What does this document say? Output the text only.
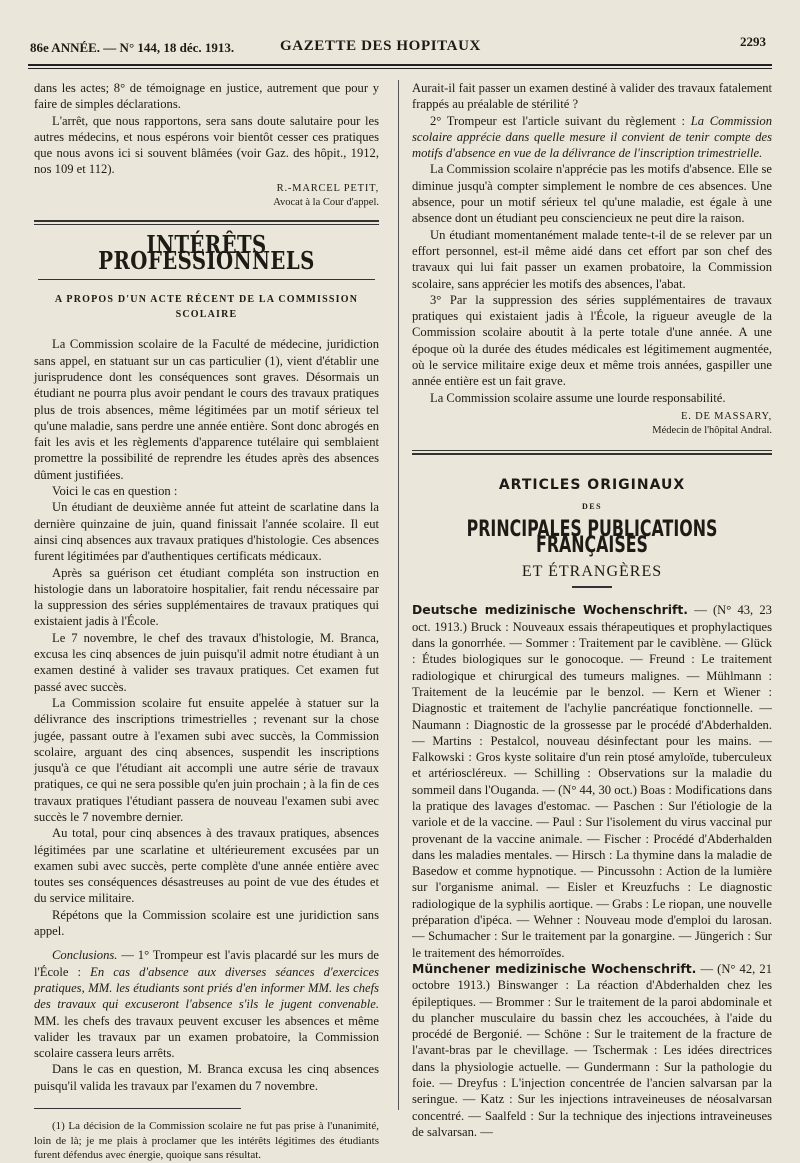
86e ANNÉE. — N° 144, 18 déc. 1913.	GAZETTE DES HOPITAUX	2293

dans les actes; 8° de témoignage en justice, autrement que pour y faire de simples déclarations.

L'arrêt, que nous rapportons, sera sans doute salutaire pour les autres médecins, et nous espérons voir bientôt cesser ces pratiques que nous avons ici si souvent blâmées (voir Gaz. des hôpit., 1912, nos 109 et 112).

R.-MARCEL PETIT,
Avocat à la Cour d'appel.
INTÉRÊTS PROFESSIONNELS
A PROPOS D'UN ACTE RÉCENT DE LA COMMISSION SCOLAIRE

La Commission scolaire de la Faculté de médecine, juridiction sans appel, en statuant sur un cas particulier (1), vient d'établir une jurisprudence dont les conséquences sont graves. Désormais un étudiant ne pourra plus avoir pendant le cours des travaux pratiques plus de trois absences, même légitimées par un motif sérieux tel qu'une maladie, sans perdre une année entière. Sont donc abrogés en fait les avis et les règlements d'apparence tutélaire qui semblaient promettre la possibilité de reprendre les études après des absences dûment justifiées.

Voici le cas en question :

Un étudiant de deuxième année fut atteint de scarlatine dans la dernière quinzaine de juin, quand finissait l'année scolaire. Il eut ainsi cinq absences aux travaux pratiques d'histologie. Ces absences furent légitimées par d'authentiques certificats médicaux.

Après sa guérison cet étudiant compléta son instruction en histologie dans un laboratoire hospitalier, fait rendu nécessaire par la suppression des séries supplémentaires de travaux pratiques qui existaient jadis à l'École.

Le 7 novembre, le chef des travaux d'histologie, M. Branca, excusa les cinq absences de juin puisqu'il admit notre étudiant à un examen destiné à valider ses travaux pratiques. Cet examen fut passé avec succès.

La Commission scolaire fut ensuite appelée à statuer sur la délivrance des inscriptions trimestrielles ; revenant sur la chose jugée, passant outre à l'examen subi avec succès, la Commission scolaire, arguant des cinq absences, suspendit les inscriptions jusqu'à ce que l'étudiant ait accompli une autre série de travaux pratiques, ce qui ne sera possible qu'en juin prochain ; à la fin de ces travaux pratiques l'étudiant passera de nouveau l'examen subi avec succès le 7 novembre dernier.

Au total, pour cinq absences à des travaux pratiques, absences légitimées par une scarlatine et ultérieurement excusées par un examen subi avec succès, perte complète d'une année entière avec toutes ses conséquences désastreuses au point de vue des études et du service militaire.

Répétons que la Commission scolaire est une juridiction sans appel.

Conclusions. — 1° Trompeur est l'avis placardé sur les murs de l'École : En cas d'absence aux diverses séances d'exercices pratiques, MM. les étudiants sont priés d'en informer MM. les chefs des travaux qui excuseront l'absence s'ils le jugent convenable. MM. les chefs des travaux peuvent excuser les absences et même valider les travaux par un examen probatoire, la Commission scolaire cassera leurs arrêts.

Dans le cas en question, M. Branca excusa les cinq absences puisqu'il valida les travaux par l'examen du 7 novembre.

(1) La décision de la Commission scolaire ne fut pas prise à l'unanimité, loin de là; je me plais à proclamer que les intérêts légitimes des étudiants furent défendus avec énergie, quoique sans résultat.

Aurait-il fait passer un examen destiné à valider des travaux fatalement frappés au préalable de stérilité ?

2° Trompeur est l'article suivant du règlement : La Commission scolaire apprécie dans quelle mesure il convient de tenir compte des motifs d'absence en vue de la délivrance de l'inscription trimestrielle.

La Commission scolaire n'apprécie pas les motifs d'absence. Elle se diminue jusqu'à compter simplement le nombre de ces absences. Une absence, pour un motif sérieux tel qu'une maladie, est égale à une absence dont un étudiant peu consciencieux ne peut dire la raison.

Un étudiant momentanément malade tente-t-il de se relever par un effort personnel, est-il même aidé dans cet effort par son chef des travaux qui lui fait passer un examen probatoire, la Commission scolaire, sans apprécier les motifs des absences, l'abat.

3° Par la suppression des séries supplémentaires de travaux pratiques qui existaient jadis à l'École, la rigueur aveugle de la Commission scolaire aboutit à la perte totale d'une année. A une époque où la durée des études médicales est légitimement augmentée, où le service militaire exige deux et même trois années, gaspiller une année entière est un fait grave.

La Commission scolaire assume une lourde responsabilité.

E. DE MASSARY,
Médecin de l'hôpital Andral.
ARTICLES ORIGINAUX
DES
PRINCIPALES PUBLICATIONS FRANÇAISES
ET ÉTRANGÈRES

Deutsche medizinische Wochenschrift. — (N° 43, 23 oct. 1913.) Bruck : Nouveaux essais thérapeutiques et prophylactiques dans la gonorrhée. — Sommer : Traitement par le caviblène. — Glück : Études biologiques sur le gonocoque. — Freund : Le traitement radiologique et chirurgical des tumeurs malignes. — Mühlmann : Traitement de la leucémie par le benzol. — Kern et Wiener : Diagnostic et traitement de l'achylie pancréatique fonctionnelle. — Naumann : Diagnostic de la grossesse par le procédé d'Abderhalden. — Martins : Pestalcol, nouveau désinfectant pour les mains. — Falkowski : Gros kyste solitaire d'un rein ptosé amyloïde, tuberculeux et artérioscléreux. — Schilling : Observations sur la maladie du sommeil dans l'Ouganda. — (N° 44, 30 oct.) Boas : Modifications dans la pratique des lavages d'estomac. — Paschen : Sur l'étiologie de la variole et de la vaccine. — Paul : Sur l'isolement du virus vaccinal pur provenant de la vaccine animale. — Fischer : Procédé d'Abderhalden dans les maladies mentales. — Hirsch : La thymine dans la maladie de Basedow et comme hypnotique. — Pincussohn : Action de la lumière sur l'organisme animal. — Eisler et Kreuzfuchs : Le diagnostic radiologique de la syphilis aortique. — Grabs : Le riopan, une nouvelle préparation d'ipéca. — Wehner : Nouveau mode d'emploi du larosan. — Schumacher : Sur le traitement par la gonargine. — Jüngerich : Sur le traitement des hémorroïdes.

Münchener medizinische Wochenschrift. — (N° 42, 21 octobre 1913.) Binswanger : La réaction d'Abderhalden chez les épileptiques. — Brommer : Sur le traitement de la paroi abdominale et du plancher musculaire du bassin chez les accouchées, à l'aide du procédé de Bergonié. — Schöne : Sur le traitement de la fracture de l'avant-bras par le chevillage. — Tschermak : Les idées directrices dans la physiologie actuelle. — Gundermann : Sur la pathologie du foie. — Dreyfus : L'injection concentrée de l'ancien salvarsan par la seringue. — Katz : Sur les injections intraveineuses de néosalvarsan concentré. — Saalfeld : Sur la technique des injections intraveineuses de salvarsan. —
